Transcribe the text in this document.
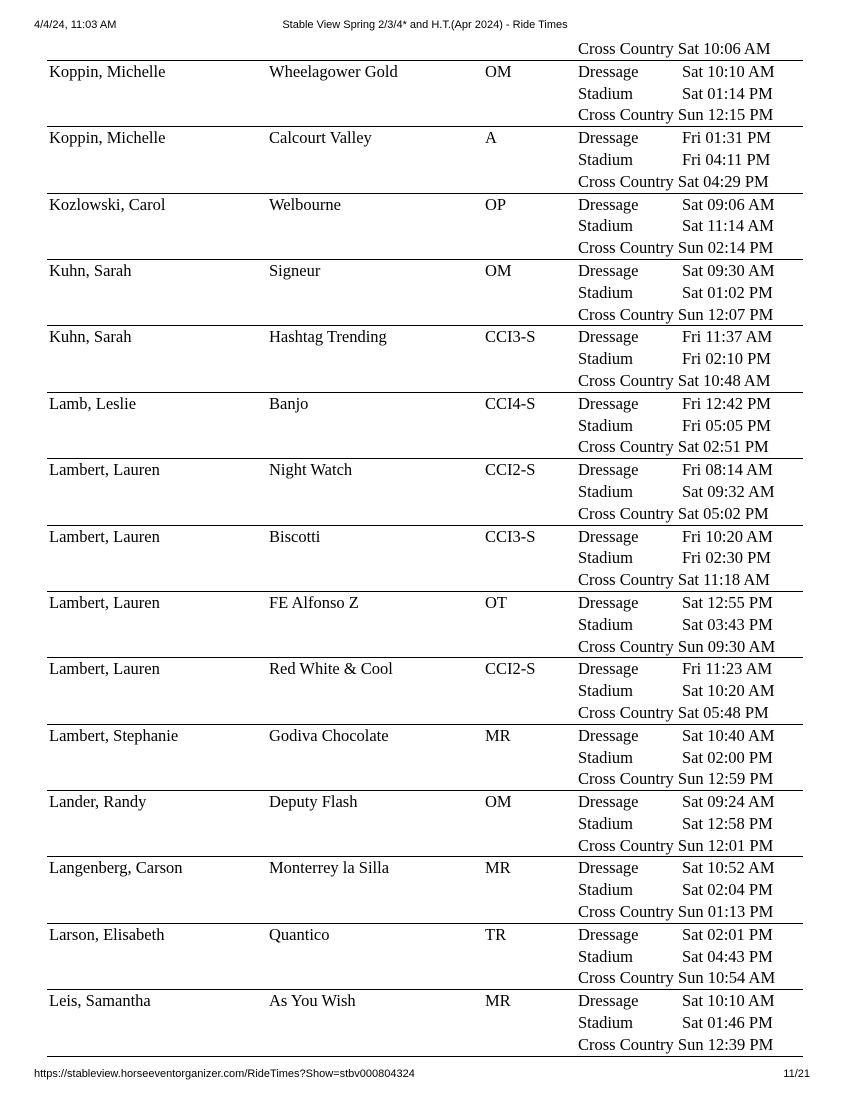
4/4/24, 11:03 AM	Stable View Spring 2/3/4* and H.T.(Apr 2024) - Ride Times
Cross Country Sat 10:06 AM
Koppin, Michelle	Wheelagower Gold	OM	Dressage	Sat 10:10 AM
Stadium	Sat 01:14 PM
Cross Country Sun 12:15 PM
Koppin, Michelle	Calcourt Valley	A	Dressage	Fri 01:31 PM
Stadium	Fri 04:11 PM
Cross Country Sat 04:29 PM
Kozlowski, Carol	Welbourne	OP	Dressage	Sat 09:06 AM
Stadium	Sat 11:14 AM
Cross Country Sun 02:14 PM
Kuhn, Sarah	Signeur	OM	Dressage	Sat 09:30 AM
Stadium	Sat 01:02 PM
Cross Country Sun 12:07 PM
Kuhn, Sarah	Hashtag Trending	CCI3-S	Dressage	Fri 11:37 AM
Stadium	Fri 02:10 PM
Cross Country Sat 10:48 AM
Lamb, Leslie	Banjo	CCI4-S	Dressage	Fri 12:42 PM
Stadium	Fri 05:05 PM
Cross Country Sat 02:51 PM
Lambert, Lauren	Night Watch	CCI2-S	Dressage	Fri 08:14 AM
Stadium	Sat 09:32 AM
Cross Country Sat 05:02 PM
Lambert, Lauren	Biscotti	CCI3-S	Dressage	Fri 10:20 AM
Stadium	Fri 02:30 PM
Cross Country Sat 11:18 AM
Lambert, Lauren	FE Alfonso Z	OT	Dressage	Sat 12:55 PM
Stadium	Sat 03:43 PM
Cross Country Sun 09:30 AM
Lambert, Lauren	Red White & Cool	CCI2-S	Dressage	Fri 11:23 AM
Stadium	Sat 10:20 AM
Cross Country Sat 05:48 PM
Lambert, Stephanie	Godiva Chocolate	MR	Dressage	Sat 10:40 AM
Stadium	Sat 02:00 PM
Cross Country Sun 12:59 PM
Lander, Randy	Deputy Flash	OM	Dressage	Sat 09:24 AM
Stadium	Sat 12:58 PM
Cross Country Sun 12:01 PM
Langenberg, Carson	Monterrey la Silla	MR	Dressage	Sat 10:52 AM
Stadium	Sat 02:04 PM
Cross Country Sun 01:13 PM
Larson, Elisabeth	Quantico	TR	Dressage	Sat 02:01 PM
Stadium	Sat 04:43 PM
Cross Country Sun 10:54 AM
Leis, Samantha	As You Wish	MR	Dressage	Sat 10:10 AM
Stadium	Sat 01:46 PM
Cross Country Sun 12:39 PM
https://stableview.horseeventorganizer.com/RideTimes?Show=stbv000804324	11/21
